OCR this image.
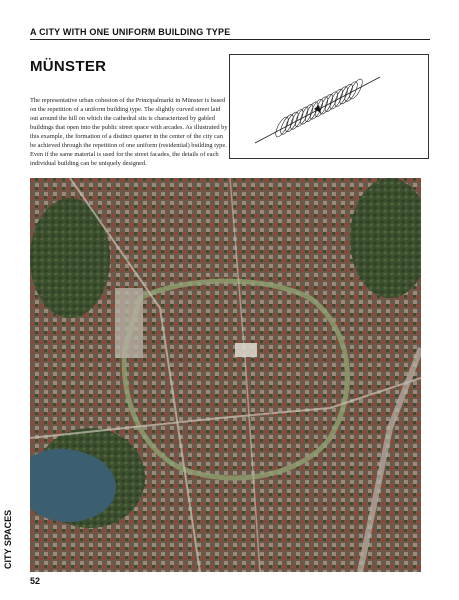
A CITY WITH ONE UNIFORM BUILDING TYPE
MÜNSTER
The representative urban cohesion of the Prinzipalmarkt in Münster is based on the repetition of a uniform building type. The slightly curved street laid out around the hill on which the cathedral sits is characterized by gabled buildings that open into the public street space with arcades. As illustrated by this example, the formation of a distinct quarter in the center of the city can be achieved through the repetition of one uniform (residential) building type. Even if the same material is used for the street facades, the details of each individual building can be uniquely designed.
CITY SPACES
52
